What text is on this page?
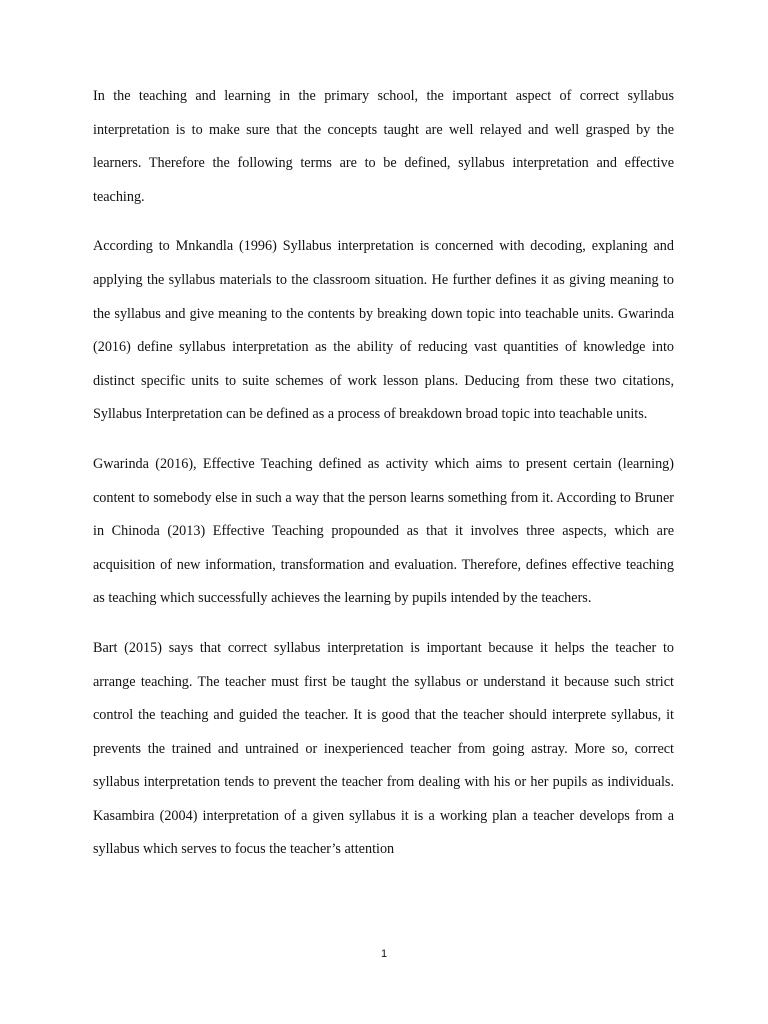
In the teaching and learning in the primary school, the important aspect of correct syllabus interpretation is to make sure that the concepts taught are well relayed and well grasped by the learners. Therefore the following terms are to be defined, syllabus interpretation and effective teaching.

According to Mnkandla (1996) Syllabus interpretation is concerned with decoding, explaning and applying the syllabus materials to the classroom situation. He further defines it as giving meaning to the syllabus and give meaning to the contents by breaking down topic into teachable units. Gwarinda (2016) define syllabus interpretation as the ability of reducing vast quantities of knowledge into distinct specific units to suite schemes of work lesson plans. Deducing from these two citations, Syllabus Interpretation can be defined as a process of breakdown broad topic into teachable units.

Gwarinda (2016), Effective Teaching defined as activity which aims to present certain (learning) content to somebody else in such a way that the person learns something from it. According to Bruner in Chinoda (2013) Effective Teaching propounded as that it involves three aspects, which are acquisition of new information, transformation and evaluation. Therefore, defines effective teaching as teaching which successfully achieves the learning by pupils intended by the teachers.

Bart (2015) says that correct syllabus interpretation is important because it helps the teacher to arrange teaching. The teacher must first be taught the syllabus or understand it because such strict control the teaching and guided the teacher. It is good that the teacher should interprete syllabus, it prevents the trained and untrained or inexperienced teacher from going astray. More so, correct syllabus interpretation tends to prevent the teacher from dealing with his or her pupils as individuals. Kasambira (2004) interpretation of a given syllabus it is a working plan a teacher develops from a syllabus which serves to focus the teacher’s attention

1
